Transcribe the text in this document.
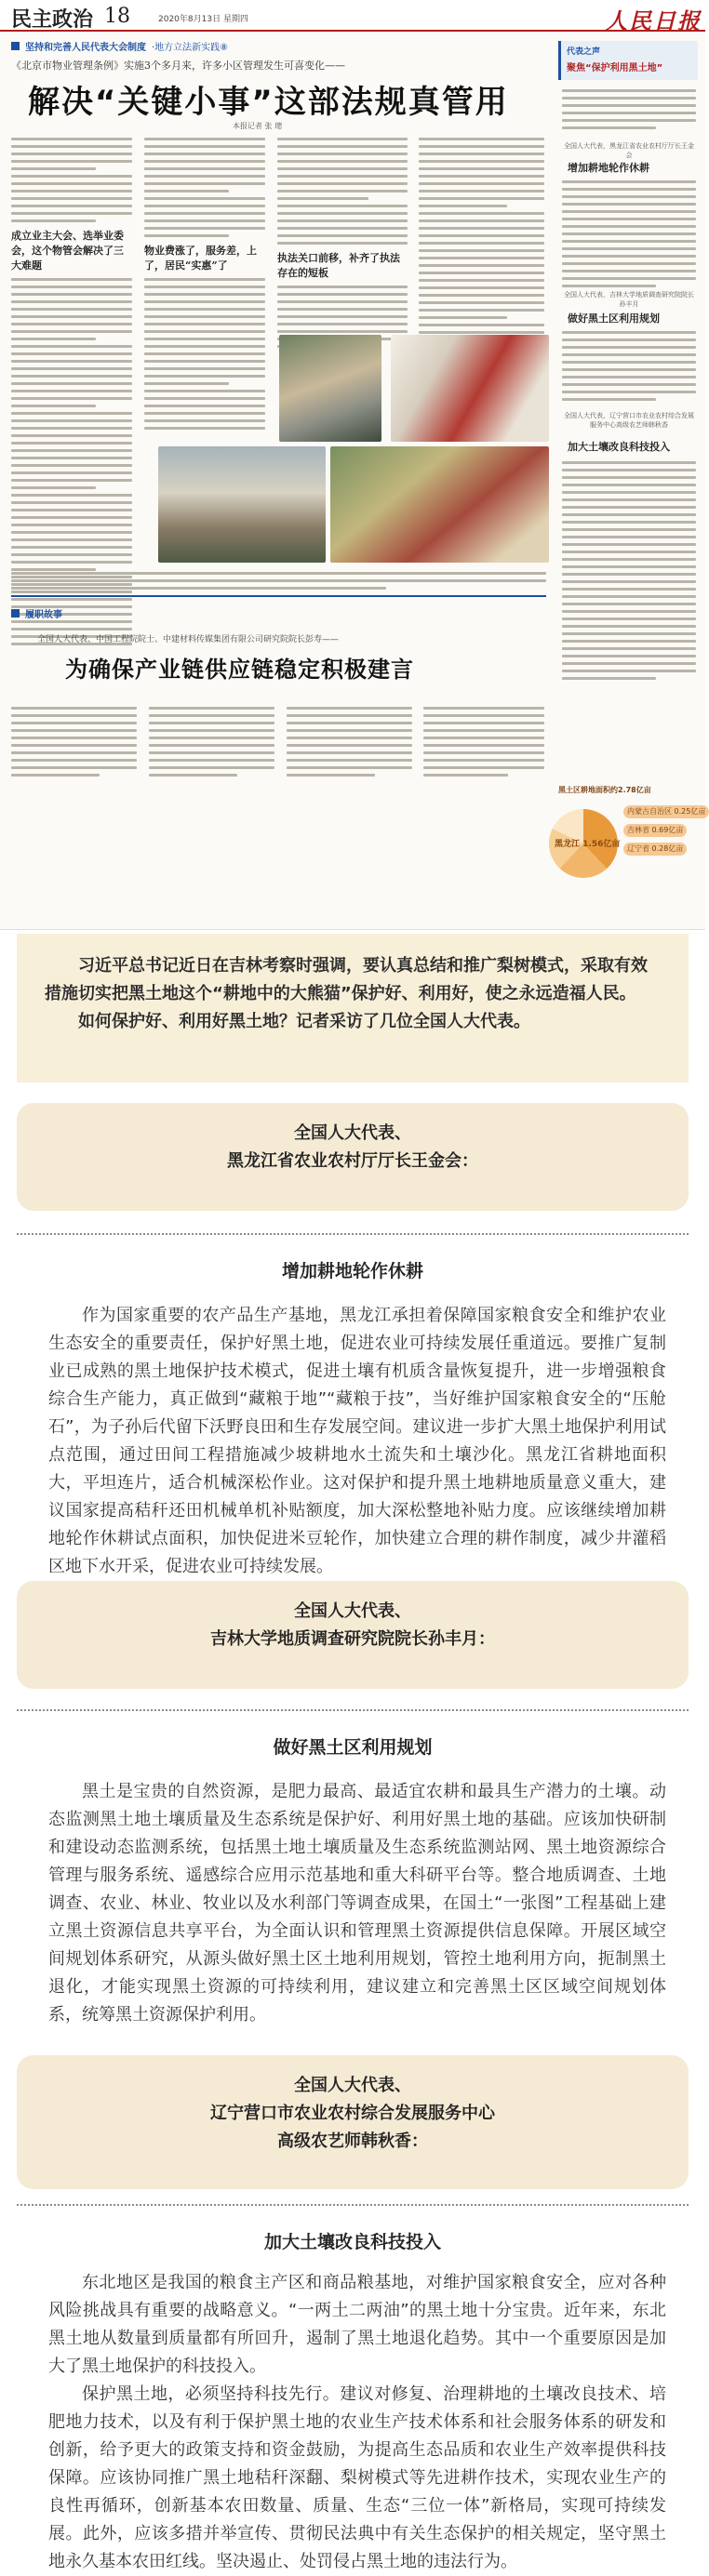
民主政治 18	2020年8月13日 星期四	人民日报
坚持和完善人民代表大会制度 ·地方立法新实践⑧
《北京市物业管理条例》实施3个多月来，许多小区管理发生可喜变化——
解决“关键小事”这部法规真管用
本报记者 张 璁
成立业主大会、选举业委会，这个物管会解决了三大难题
物业费涨了，服务差，上了，居民“实惠”了
执法关口前移，补齐了执法存在的短板
履职故事
全国人大代表、中国工程院院士、中建材料传媒集团有限公司研究院院长彭寿——
为确保产业链供应链稳定积极建言
代表之声
聚焦“保护利用黑土地”
全国人大代表，黑龙江省农业农村厅厅长王金会
增加耕地轮作休耕
全国人大代表，吉林大学地质调查研究院院长孙丰月
做好黑土区利用规划
全国人大代表，辽宁营口市农业农村综合发展服务中心高级农艺师韩秋香
加大土壤改良科技投入
黑土区耕地面积约2.78亿亩
黑龙江 1.56亿亩
内蒙古自治区 0.25亿亩
吉林省 0.69亿亩
辽宁省 0.28亿亩

习近平总书记近日在吉林考察时强调，要认真总结和推广梨树模式，采取有效措施切实把黑土地这个“耕地中的大熊猫”保护好、利用好，使之永远造福人民。

如何保护好、利用好黑土地？记者采访了几位全国人大代表。

全国人大代表、
黑龙江省农业农村厅厅长王金会：
增加耕地轮作休耕

作为国家重要的农产品生产基地，黑龙江承担着保障国家粮食安全和维护农业生态安全的重要责任，保护好黑土地，促进农业可持续发展任重道远。要推广复制业已成熟的黑土地保护技术模式，促进土壤有机质含量恢复提升，进一步增强粮食综合生产能力，真正做到“藏粮于地”“藏粮于技”，当好维护国家粮食安全的“压舱石”，为子孙后代留下沃野良田和生存发展空间。建议进一步扩大黑土地保护利用试点范围，通过田间工程措施减少坡耕地水土流失和土壤沙化。黑龙江省耕地面积大，平坦连片，适合机械深松作业。这对保护和提升黑土地耕地质量意义重大，建议国家提高秸秆还田机械单机补贴额度，加大深松整地补贴力度。应该继续增加耕地轮作休耕试点面积，加快促进米豆轮作，加快建立合理的耕作制度，减少井灌稻区地下水开采，促进农业可持续发展。

全国人大代表、
吉林大学地质调查研究院院长孙丰月：
做好黑土区利用规划

黑土是宝贵的自然资源，是肥力最高、最适宜农耕和最具生产潜力的土壤。动态监测黑土地土壤质量及生态系统是保护好、利用好黑土地的基础。应该加快研制和建设动态监测系统，包括黑土地土壤质量及生态系统监测站网、黑土地资源综合管理与服务系统、遥感综合应用示范基地和重大科研平台等。整合地质调查、土地调查、农业、林业、牧业以及水利部门等调查成果，在国土“一张图”工程基础上建立黑土资源信息共享平台，为全面认识和管理黑土资源提供信息保障。开展区域空间规划体系研究，从源头做好黑土区土地利用规划，管控土地利用方向，扼制黑土退化，才能实现黑土资源的可持续利用，建议建立和完善黑土区区域空间规划体系，统筹黑土资源保护利用。

全国人大代表、
辽宁营口市农业农村综合发展服务中心
高级农艺师韩秋香：
加大土壤改良科技投入

东北地区是我国的粮食主产区和商品粮基地，对维护国家粮食安全，应对各种风险挑战具有重要的战略意义。“一两土二两油”的黑土地十分宝贵。近年来，东北黑土地从数量到质量都有所回升，遏制了黑土地退化趋势。其中一个重要原因是加大了黑土地保护的科技投入。

保护黑土地，必须坚持科技先行。建议对修复、治理耕地的土壤改良技术、培肥地力技术，以及有利于保护黑土地的农业生产技术体系和社会服务体系的研发和创新，给予更大的政策支持和资金鼓励，为提高生态品质和农业生产效率提供科技保障。应该协同推广黑土地秸秆深翻、梨树模式等先进耕作技术，实现农业生产的良性再循环，创新基本农田数量、质量、生态“三位一体”新格局，实现可持续发展。此外，应该多措并举宣传、贯彻民法典中有关生态保护的相关规定，坚守黑土地永久基本农田红线。坚决遏止、处罚侵占黑土地的违法行为。
